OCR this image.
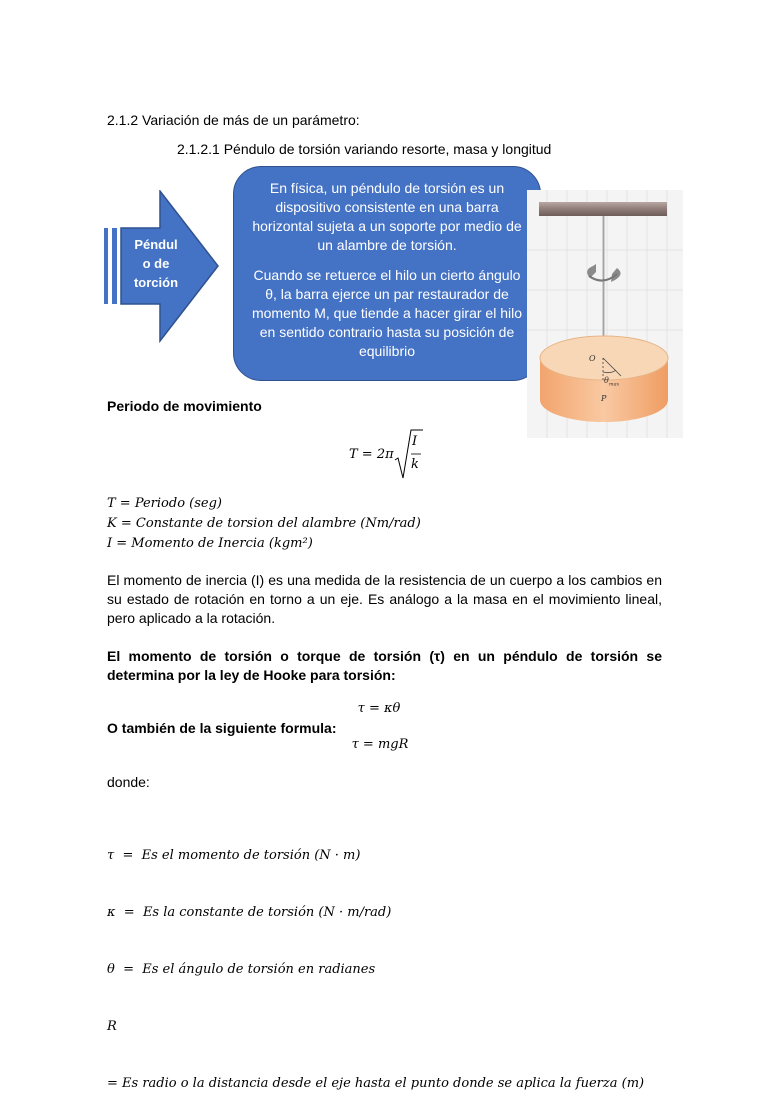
2.1.2 Variación de más de un parámetro:
2.1.2.1 Péndulo de torsión variando resorte, masa y longitud
Péndul
o de
torción

En física, un péndulo de torsión es un dispositivo consistente en una barra horizontal sujeta a un soporte por medio de un alambre de torsión.

Cuando se retuerce el hilo un cierto ángulo θ, la barra ejerce un par restaurador de momento M, que tiende a hacer girar el hilo en sentido contrario hasta su posición de equilibrio	O
$\theta_{max}$
P
Periodo de movimiento
T = 2π
I
k
T = Periodo (seg)
K = Constante de torsion del alambre (Nm/rad)
I = Momento de Inercia (kgm²)
El momento de inercia (I) es una medida de la resistencia de un cuerpo a los cambios en su estado de rotación en torno a un eje. Es análogo a la masa en el movimiento lineal, pero aplicado a la rotación.
El momento de torsión o torque de torsión (τ) en un péndulo de torsión se determina por la ley de Hooke para torsión:
τ = κθ
O también de la siguiente formula:
τ = mgR
donde:

τ  =  Es el momento de torsión (N · m)

κ  =  Es la constante de torsión (N · m/rad)

θ  =  Es el ángulo de torsión en radianes

R

= Es radio o la distancia desde el eje hasta el punto donde se aplica la fuerza (m)
